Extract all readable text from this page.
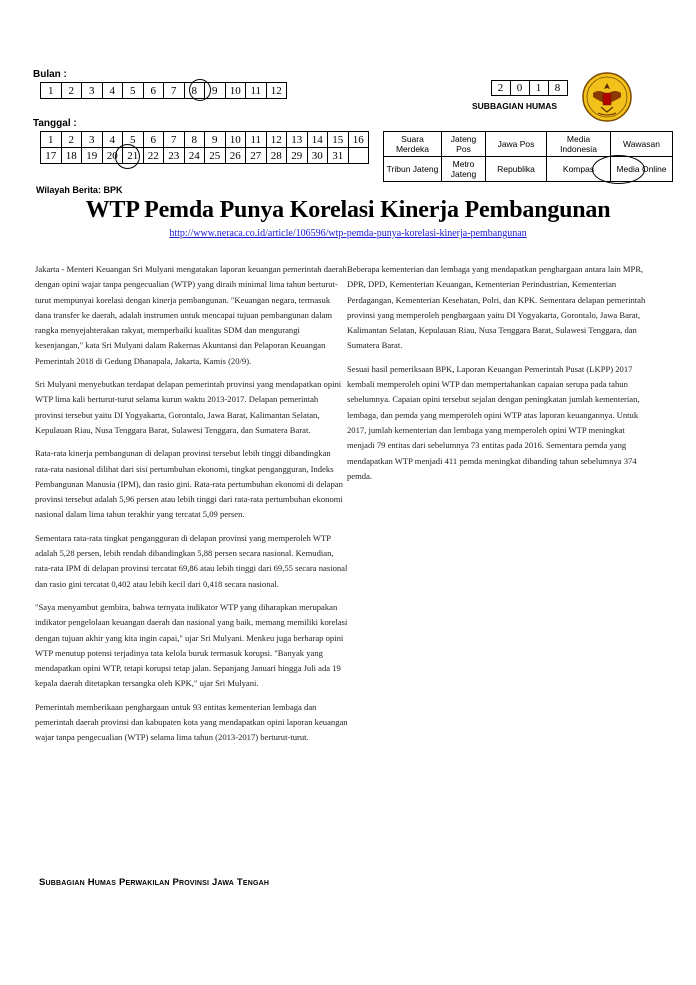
Bulan :
1	2	3	4	5	6	7	8	9	10	11	12
Tanggal :
1	2	3	4	5	6	7	8	9	10	11	12	13	14	15	16
17	18	19	20	21	22	23	24	25	26	27	28	29	30	31	
2	0	1	8
SUBBAGIAN HUMAS
Suara Merdeka	Jateng Pos	Jawa Pos	Media Indonesia	Wawasan
Tribun Jateng	Metro Jateng	Republika	Kompas	Media Online
Wilayah Berita: BPK
WTP Pemda Punya Korelasi Kinerja Pembangunan
http://www.neraca.co.id/article/106596/wtp-pemda-punya-korelasi-kinerja-pembangunan

Jakarta - Menteri Keuangan Sri Mulyani mengatakan laporan keuangan pemerintah daerah dengan opini wajar tanpa pengecualian (WTP) yang diraih minimal lima tahun berturut-turut mempunyai korelasi dengan kinerja pembangunan. "Keuangan negara, termasuk dana transfer ke daerah, adalah instrumen untuk mencapai tujuan pembangunan dalam rangka menyejahterakan rakyat, memperbaiki kualitas SDM dan mengurangi kesenjangan," kata Sri Mulyani dalam Rakernas Akuntansi dan Pelaporan Keuangan Pemerintah 2018 di Gedung Dhanapala, Jakarta, Kamis (20/9).

Sri Mulyani menyebutkan terdapat delapan pemerintah provinsi yang mendapatkan opini WTP lima kali berturut-turut selama kurun waktu 2013-2017. Delapan pemerintah provinsi tersebut yaitu DI Yogyakarta, Gorontalo, Jawa Barat, Kalimantan Selatan, Kepulauan Riau, Nusa Tenggara Barat, Sulawesi Tenggara, dan Sumatera Barat.

Rata-rata kinerja pembangunan di delapan provinsi tersebut lebih tinggi dibandingkan rata-rata nasional dilihat dari sisi pertumbuhan ekonomi, tingkat pengangguran, Indeks Pembangunan Manusia (IPM), dan rasio gini. Rata-rata pertumbuhan ekonomi di delapan provinsi tersebut adalah 5,96 persen atau lebih tinggi dari rata-rata pertumbuhan ekonomi nasional dalam lima tahun terakhir yang tercatat 5,09 persen.

Sementara rata-rata tingkat pengangguran di delapan provinsi yang memperoleh WTP adalah 5,28 persen, lebih rendah dibandingkan 5,88 persen secara nasional. Kemudian, rata-rata IPM di delapan provinsi tercatat 69,86 atau lebih tinggi dari 69,55 secara nasional dan rasio gini tercatat 0,402 atau lebih kecil dari 0,418 secara nasional.

"Saya menyambut gembira, bahwa ternyata indikator WTP yang diharapkan merupakan indikator pengelolaan keuangan daerah dan nasional yang baik, memang memiliki korelasi dengan tujuan akhir yang kita ingin capai," ujar Sri Mulyani. Menkeu juga berharap opini WTP menutup potensi terjadinya tata kelola buruk termasuk korupsi. "Banyak yang mendapatkan opini WTP, tetapi korupsi tetap jalan. Sepanjang Januari hingga Juli ada 19 kepala daerah ditetapkan tersangka oleh KPK," ujar Sri Mulyani.

Pemerintah memberikaan penghargaan untuk 93 entitas kementerian lembaga dan pemerintah daerah provinsi dan kabupaten kota yang mendapatkan opini laporan keuangan wajar tanpa pengecualian (WTP) selama lima tahun (2013-2017) berturut-turut.

Beberapa kementerian dan lembaga yang mendapatkan penghargaan antara lain MPR, DPR, DPD, Kementerian Keuangan, Kementerian Perindustrian, Kementerian Perdagangan, Kementerian Kesehatan, Polri, dan KPK. Sementara delapan pemerintah provinsi yang memperoleh penghargaan yaitu DI Yogyakarta, Gorontalo, Jawa Barat, Kalimantan Selatan, Kepulauan Riau, Nusa Tenggara Barat, Sulawesi Tenggara, dan Sumatera Barat.

Sesuai hasil pemeriksaan BPK, Laporan Keuangan Pemerintah Pusat (LKPP) 2017 kembali memperoleh opini WTP dan mempertahankan capaian serupa pada tahun sebelumnya. Capaian opini tersebut sejalan dengan peningkatan jumlah kementerian, lembaga, dan pemda yang memperoleh opini WTP atas laporan keuangannya. Untuk 2017, jumlah kementerian dan lembaga yang memperoleh opini WTP meningkat menjadi 79 entitas dari sebelumnya 73 entitas pada 2016. Sementara pemda yang mendapatkan WTP menjadi 411 pemda meningkat dibanding tahun sebelumnya 374 pemda.

Subbagian Humas Perwakilan Provinsi Jawa Tengah
